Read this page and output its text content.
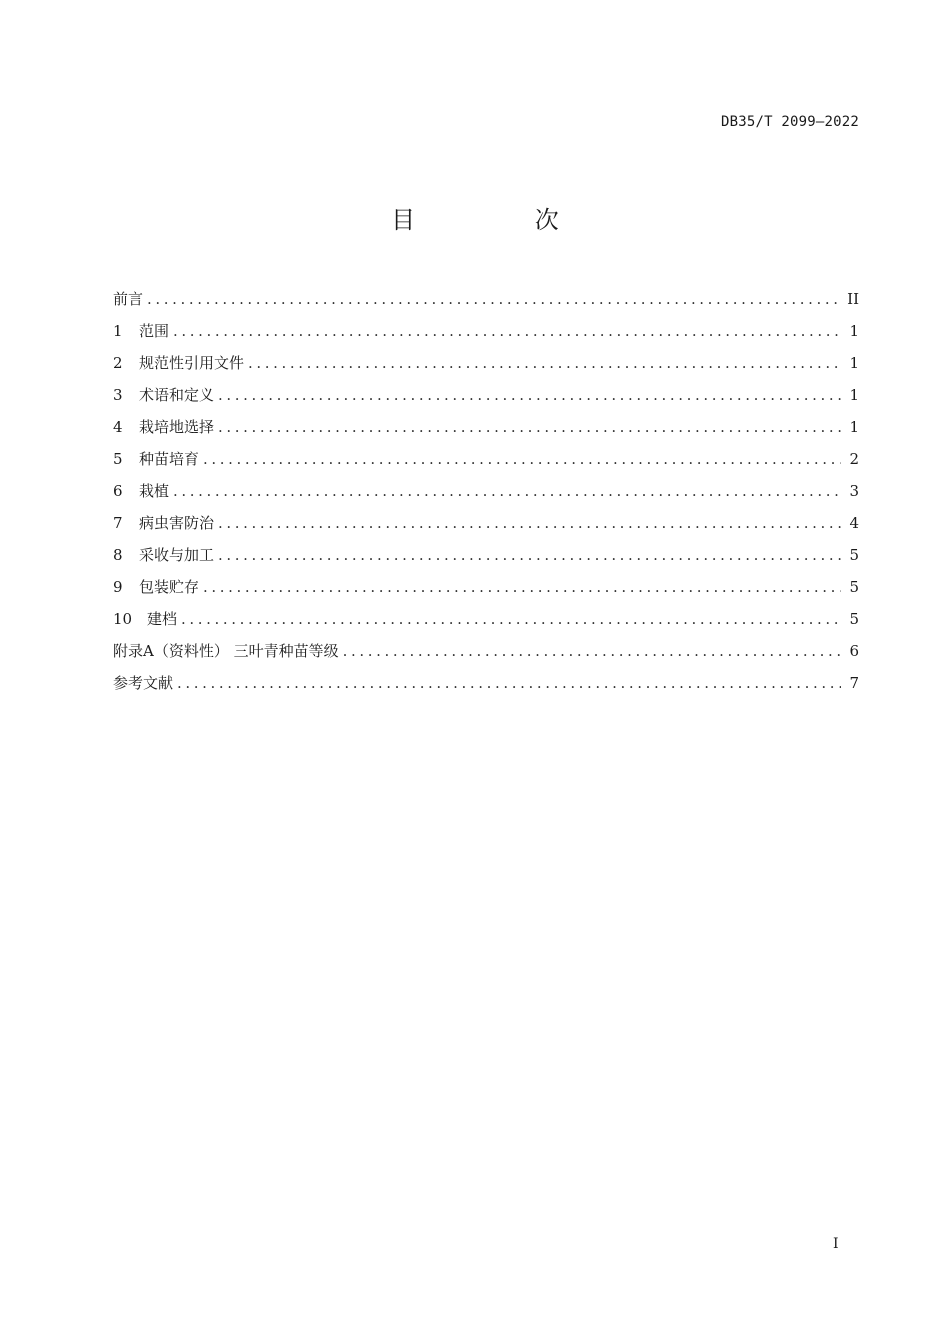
DB35/T 2099—2022
目 次
前言 .....	II
1 范围 .....	1
2 规范性引用文件 .....	1
3 术语和定义 .....	1
4 栽培地选择 .....	1
5 种苗培育 .....	2
6 栽植 .....	3
7 病虫害防治 .....	4
8 采收与加工 .....	5
9 包装贮存 .....	5
10 建档 .....	5
附录A（资料性） 三叶青种苗等级 .....	6
参考文献 .....	7
I
